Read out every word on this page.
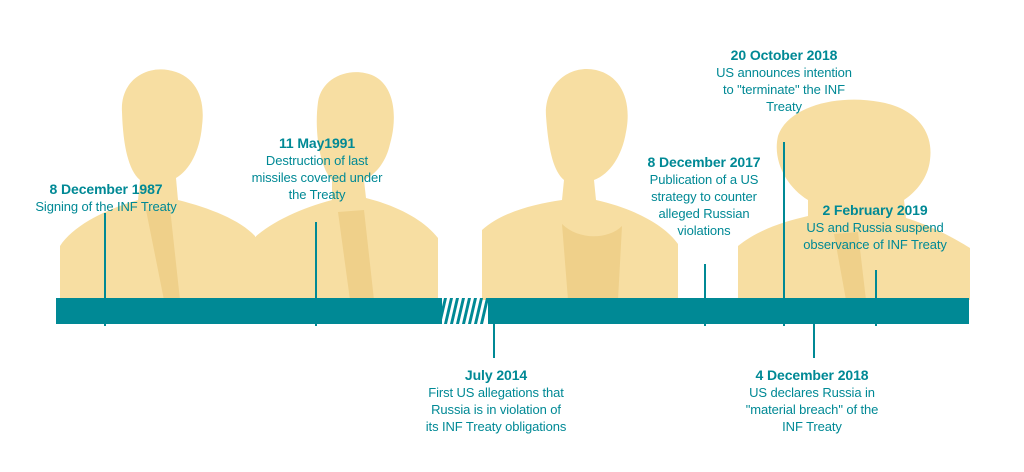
8 December 1987
Signing of the INF Treaty
11 May1991
Destruction of last
missiles covered under
the Treaty
July 2014
First US allegations that
Russia is in violation of
its INF Treaty obligations
8 December 2017
Publication of a US
strategy to counter
alleged Russian
violations
20 October 2018
US announces intention
to "terminate" the INF
Treaty
4 December 2018
US declares Russia in
"material breach" of the
INF Treaty
2 February 2019
US and Russia suspend
observance of INF Treaty
